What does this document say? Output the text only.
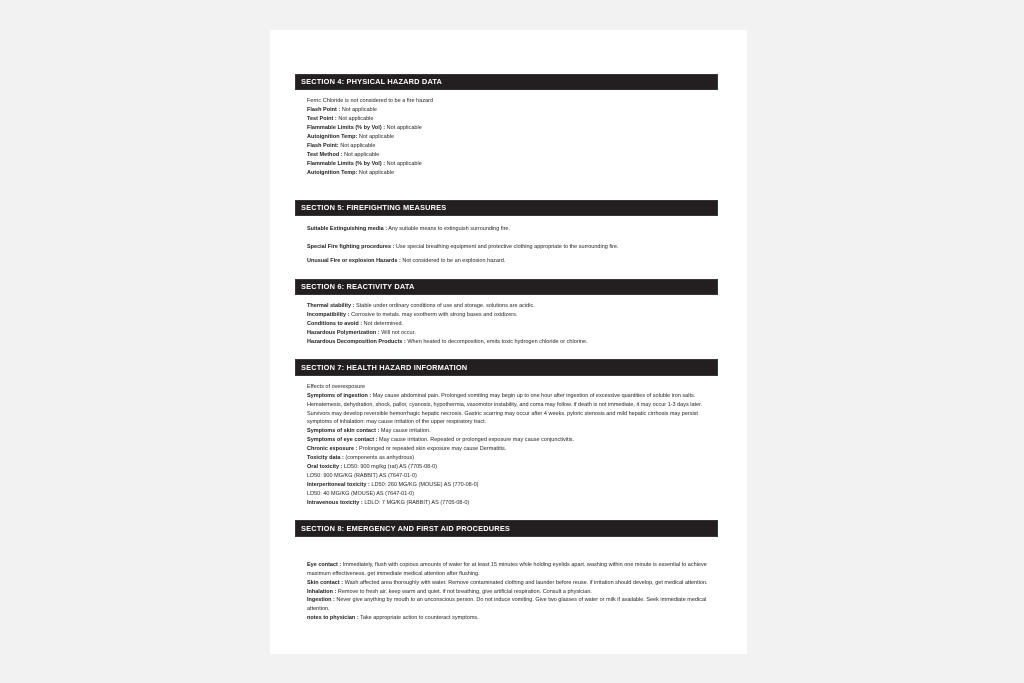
SECTION 4: PHYSICAL HAZARD DATA
Ferric Chloride is not considered to be a fire hazard
Flash Point : Not applicable
Test Point : Not applicable
Flammable Limits (% by Vol) : Not applicable
Autoignition Temp: Not applicable
Flash Point: Not applicable
Test Method : Not applicable
Flammable Limits (% by Vol) : Not applicable
Autoignition Temp: Not applicable
SECTION 5: FIREFIGHTING MEASURES
Suitable Extinguishing media : Any suitable means to extinguish surrounding fire.
Special Fire fighting procedures : Use special breathing equipment and protective clothing appropriate to the surrounding fire.
Unusual Fire or explosion Hazards : Not considered to be an explosion hazard.
SECTION 6: REACTIVITY DATA
Thermal stability : Stable under ordinary conditions of use and storage. solutions are acidic.
Incompatibility : Corrosive to metals. may exotherm with strong bases and oxidizers.
Conditions to avoid : Not determined.
Hazardous Polymerization : Will not occur.
Hazardous Decomposition Products : When heated to decomposition, emits toxic hydrogen chloride or chlorine.
SECTION 7: HEALTH HAZARD INFORMATION
Effects of overexposure
Symptoms of ingestion : May cause abdominal pain. Prolonged vomiting may begin up to one hour after ingestion of excessive quantities of soluble iron salts. Hematemesis, dehydration, shock, pallor, cyanosis, hypothermia, vasomotor instability, and coma may follow. if death is not immediate, it may occur 1-3 days later. Survivors may develop reversible hemorrhagic hepatic necrosis. Gastric scarring may occur after 4 weeks. pyloric stenosis and mild hepatic cirrhosis may persist symptoms of inhalation: may cause irritation of the upper respiratory tract.
Symptoms of skin contact : May cause irritation.
Symptoms of eye contact : May cause irritation. Repeated or prolonged exposure may cause conjunctivitis.
Chronic exposure : Prolonged or repeated skin exposure may cause Dermatitis.
Toxicity data : (components as anhydrous)
Oral toxicity : LD50: 900 mg/kg (rat) AS (7705-08-0)
LD50: 900 MG/KG (RABBIT) AS (7647-01-0)
Interperitoneal toxicity : LD50: 260 MG/KG (MOUSE) AS (770-08-0)
LD50: 40 MG/KG (MOUSE) AS (7647-01-0)
Intravenous toxicity : LDLO: 7 MG/KG (RABBIT) AS (7705-08-0)
SECTION 8: EMERGENCY AND FIRST AID PROCEDURES
Eye contact : Immediately, flush with copious amounts of water for at least 15 minutes while holding eyelids apart. washing within one minute is essential to achieve maximum effectiveness. get immediate medical attention after flushing.
Skin contact : Wash affected area thoroughly with water. Remove contaminated clothing and launder before reuse. if irritation should develop, get medical attention.
Inhalation : Remove to fresh air. keep warm and quiet. if not breathing, give artificial respiration. Consult a physician.
Ingestion : Never give anything by mouth to an unconscious person. Do not induce vomiting. Give two glasses of water or milk if available. Seek immediate medical attention.
notes to physician : Take appropriate action to counteract symptoms.
